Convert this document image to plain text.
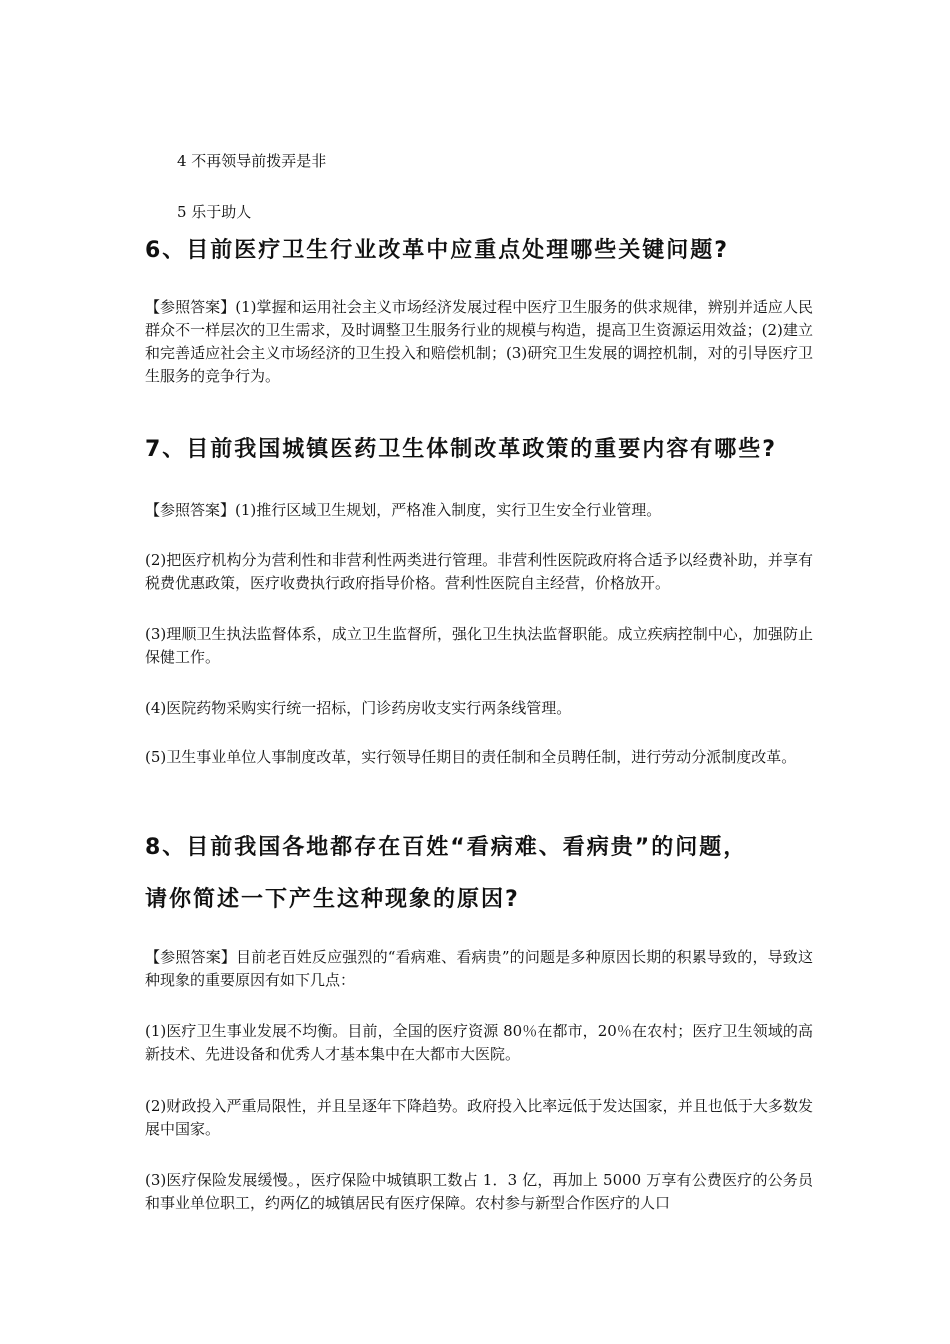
4 不再领导前拨弄是非
5 乐于助人
6、目前医疗卫生行业改革中应重点处理哪些关键问题?

【参照答案】(1)掌握和运用社会主义市场经济发展过程中医疗卫生服务的供求规律，辨别并适应人民群众不一样层次的卫生需求，及时调整卫生服务行业的规模与构造，提高卫生资源运用效益；(2)建立和完善适应社会主义市场经济的卫生投入和赔偿机制；(3)研究卫生发展的调控机制，对的引导医疗卫生服务的竞争行为。

7、目前我国城镇医药卫生体制改革政策的重要内容有哪些?

【参照答案】(1)推行区域卫生规划，严格准入制度，实行卫生安全行业管理。

(2)把医疗机构分为营利性和非营利性两类进行管理。非营利性医院政府将合适予以经费补助，并享有税费优惠政策，医疗收费执行政府指导价格。营利性医院自主经营，价格放开。

(3)理顺卫生执法监督体系，成立卫生监督所，强化卫生执法监督职能。成立疾病控制中心，加强防止保健工作。

(4)医院药物采购实行统一招标，门诊药房收支实行两条线管理。

(5)卫生事业单位人事制度改革，实行领导任期目的责任制和全员聘任制，进行劳动分派制度改革。

8、目前我国各地都存在百姓“看病难、看病贵”的问题，
请你简述一下产生这种现象的原因?

【参照答案】目前老百姓反应强烈的“看病难、看病贵”的问题是多种原因长期的积累导致的，导致这种现象的重要原因有如下几点：

(1)医疗卫生事业发展不均衡。目前，全国的医疗资源 80％在都市，20％在农村；医疗卫生领域的高新技术、先进设备和优秀人才基本集中在大都市大医院。

(2)财政投入严重局限性，并且呈逐年下降趋势。政府投入比率远低于发达国家，并且也低于大多数发展中国家。

(3)医疗保险发展缓慢。，医疗保险中城镇职工数占 1．3 亿，再加上 5000 万享有公费医疗的公务员和事业单位职工，约两亿的城镇居民有医疗保障。农村参与新型合作医疗的人口
